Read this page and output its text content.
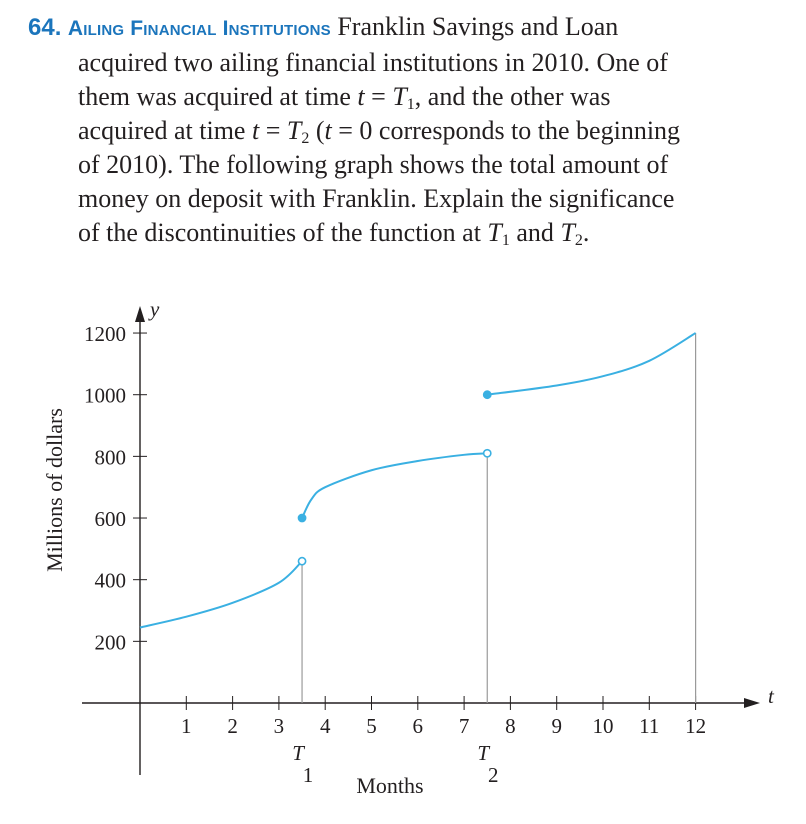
64. Ailing Financial Institutions Franklin Savings and Loan
acquired two ailing financial institutions in 2010. One of
them was acquired at time $t = T_1$, and the other was
acquired at time $t = T_2$ (t = 0 corresponds to the beginning
of 2010). The following graph shows the total amount of
money on deposit with Franklin. Explain the significance
of the discontinuities of the function at $T_1$ and $T_2$.
t
y
1 2 3 4 5 6 7 8 9 10 11 12
200
400
600
800
1000
1200
Months
Millions of dollars
T
1
T
2
